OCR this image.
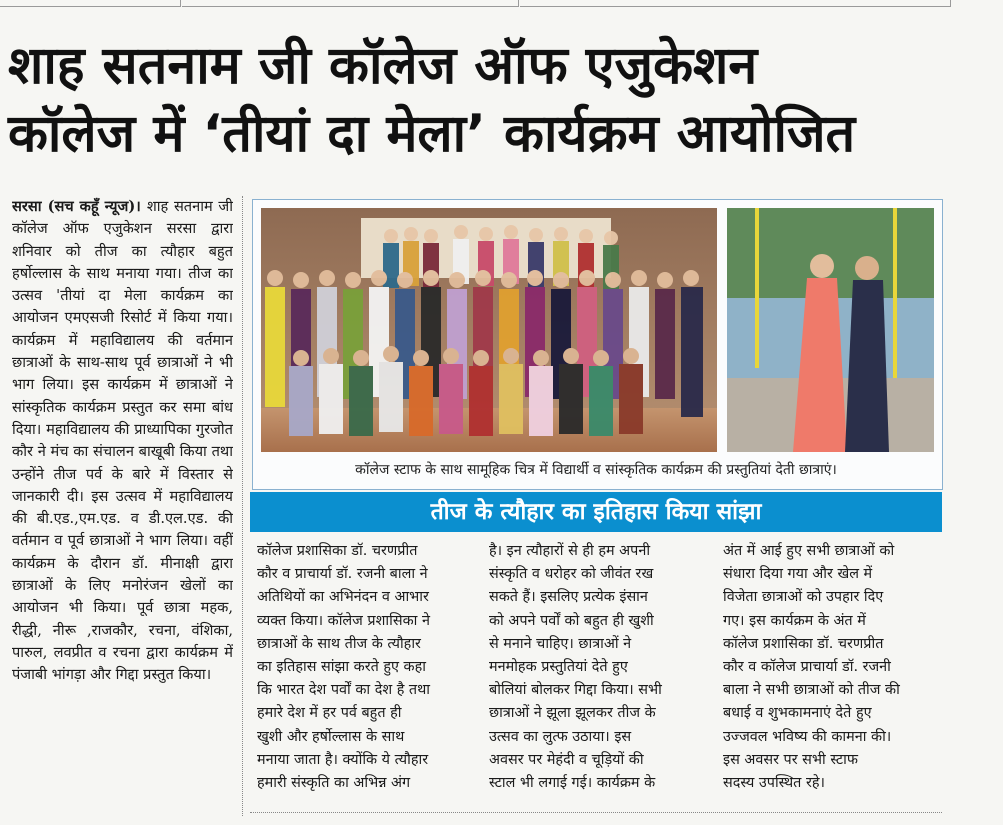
शाह सतनाम जी कॉलेज ऑफ एजुकेशन
कॉलेज में ‘तीयां दा मेला’ कार्यक्रम आयोजित
सरसा (सच कहूँ न्यूज)। शाह सतनाम जी कॉलेज ऑफ एजुकेशन सरसा द्वारा शनिवार को तीज का त्यौहार बहुत हर्षोल्लास के साथ मनाया गया। तीज का उत्सव 'तीयां दा मेला कार्यक्रम का आयोजन एमएसजी रिसोर्ट में किया गया। कार्यक्रम में महाविद्यालय की वर्तमान छात्राओं के साथ-साथ पूर्व छात्राओं ने भी भाग लिया। इस कार्यक्रम में छात्राओं ने सांस्कृतिक कार्यक्रम प्रस्तुत कर समा बांध दिया। महाविद्यालय की प्राध्यापिका गुरजोत कौर ने मंच का संचालन बाखूबी किया तथा उन्होंने तीज पर्व के बारे में विस्तार से जानकारी दी। इस उत्सव में महाविद्यालय की बी.एड.,एम.एड. व डी.एल.एड. की वर्तमान व पूर्व छात्राओं ने भाग लिया। वहीं कार्यक्रम के दौरान डॉ. मीनाक्षी द्वारा छात्राओं के लिए मनोरंजन खेलों का आयोजन भी किया। पूर्व छात्रा महक, रीद्धी, नीरू ,राजकौर, रचना, वंशिका, पारुल, लवप्रीत व रचना द्वारा कार्यक्रम में पंजाबी भांगड़ा और गिद्दा प्रस्तुत किया।
कॉलेज स्टाफ के साथ सामूहिक चित्र में विद्यार्थी व सांस्कृतिक कार्यक्रम की प्रस्तुतियां देती छात्राएं।
तीज के त्यौहार का इतिहास किया सांझा
कॉलेज प्रशासिका डॉ. चरणप्रीत
कौर व प्राचार्या डॉ. रजनी बाला ने
अतिथियों का अभिनंदन व आभार
व्यक्त किया। कॉलेज प्रशासिका ने
छात्राओं के साथ तीज के त्यौहार
का इतिहास सांझा करते हुए कहा
कि भारत देश पर्वों का देश है तथा
हमारे देश में हर पर्व बहुत ही
खुशी और हर्षोल्लास के साथ
मनाया जाता है। क्योंकि ये त्यौहार
हमारी संस्कृति का अभिन्न अंग
है। इन त्यौहारों से ही हम अपनी
संस्कृति व धरोहर को जीवंत रख
सकते हैं। इसलिए प्रत्येक इंसान
को अपने पर्वों को बहुत ही खुशी
से मनाने चाहिए। छात्राओं ने
मनमोहक प्रस्तुतियां देते हुए
बोलियां बोलकर गिद्दा किया। सभी
छात्राओं ने झूला झूलकर तीज के
उत्सव का लुत्फ उठाया। इस
अवसर पर मेहंदी व चूड़ियों की
स्टाल भी लगाई गई। कार्यक्रम के
अंत में आई हुए सभी छात्राओं को
संधारा दिया गया और खेल में
विजेता छात्राओं को उपहार दिए
गए। इस कार्यक्रम के अंत में
कॉलेज प्रशासिका डॉ. चरणप्रीत
कौर व कॉलेज प्राचार्या डॉ. रजनी
बाला ने सभी छात्राओं को तीज की
बधाई व शुभकामनाएं देते हुए
उज्जवल भविष्य की कामना की।
इस अवसर पर सभी स्टाफ
सदस्य उपस्थित रहे।
